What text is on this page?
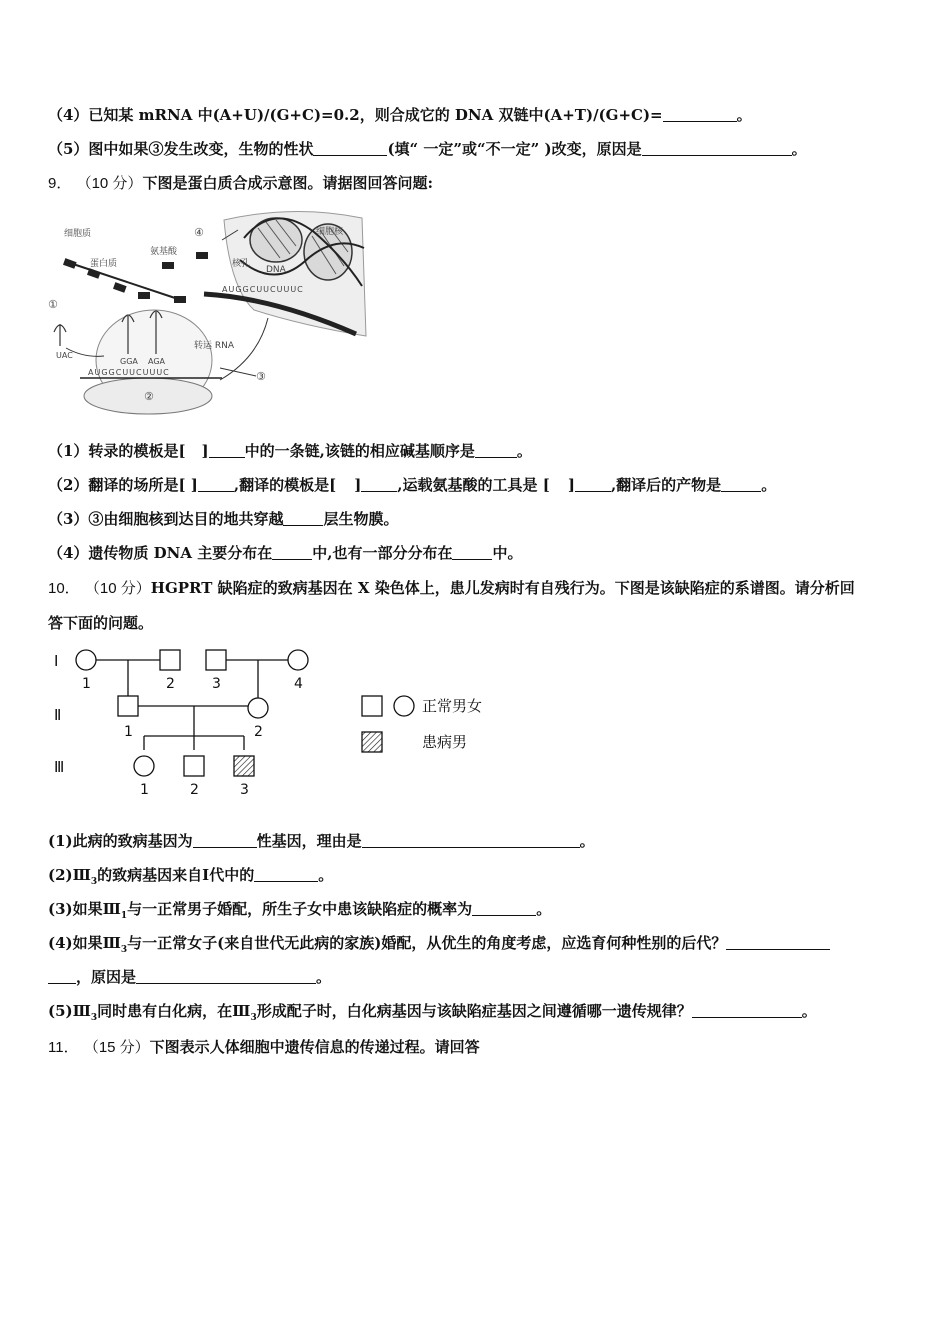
（4）已知某 mRNA 中(A+U)/(G+C)=0.2，则合成它的 DNA 双链中(A+T)/(G+C)=	。
（5）图中如果③发生改变，生物的性状	(填“ 一定”或“不一定” )改变，原因是	。
9． （10 分）下图是蛋白质合成示意图。请据图回答问题:
细胞质
蛋白质
氨基酸
细胞核
核孔
DNA
转运 RNA
①
②
③
④
UAC
GGA AGA
AUGGCUUCUUUC
AUGGCUUCUUUC
（1）转录的模板是[ ] 中的一条链,该链的相应碱基顺序是	。
（2）翻译的场所是[ ] ,翻译的模板是[ ] ,运载氨基酸的工具是 [ ] ,翻译后的产物是	。
（3）③由细胞核到达目的地共穿越	层生物膜。
（4）遗传物质 DNA 主要分布在	中,也有一部分分布在	中。
10． （10 分）HGPRT 缺陷症的致病基因在 X 染色体上，患儿发病时有自残行为。下图是该缺陷症的系谱图。请分析回
答下面的问题。
Ⅰ
Ⅱ
Ⅲ
1	2	3	4
1	2
1	2	3
正常男女
患病男
(1)此病的致病基因为	性基因，理由是	。
$(2)Ⅲ_3$的致病基因来自Ⅰ代中的	。
(3)如果$Ⅲ_1$与一正常男子婚配，所生子女中患该缺陷症的概率为	。
(4)如果$Ⅲ_3$与一正常女子(来自世代无此病的家族)婚配，从优生的角度考虑，应选育何种性别的后代？
，原因是	。
$(5)Ⅲ_3$同时患有白化病，在$Ⅲ_3$形成配子时，白化病基因与该缺陷症基因之间遵循哪一遗传规律？	。
11． （15 分）下图表示人体细胞中遗传信息的传递过程。请回答
